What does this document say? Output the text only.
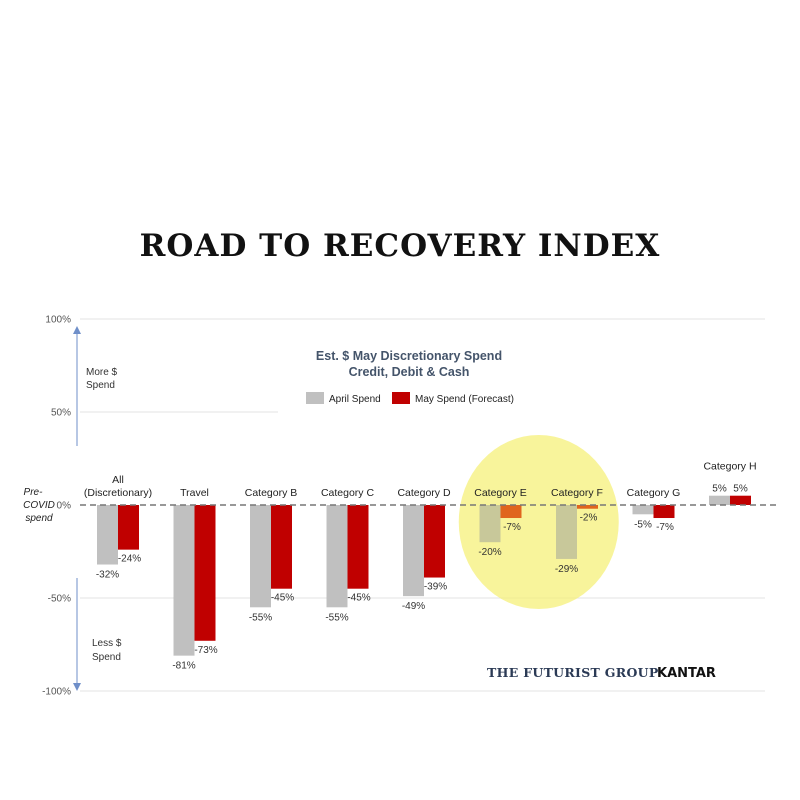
ROAD TO RECOVERY INDEX
100%
50%
0%
-50%
-100%
All
(Discretionary)
-32%
-24%
Travel
-81%
-73%
Category B
-55%
-45%
Category C
-55%
-45%
Category D
-49%
-39%
Category E
-20%
-7%
Category F
-29%
-2%
Category G
-5% -7%
Category H
5% 5%
Est. $ May Discretionary Spend
Credit, Debit & Cash
April Spend	May Spend (Forecast)
More $
Spend
Less $
Spend
Pre-
COVID
spend
THE FUTURIST GROUP
KANTAR
